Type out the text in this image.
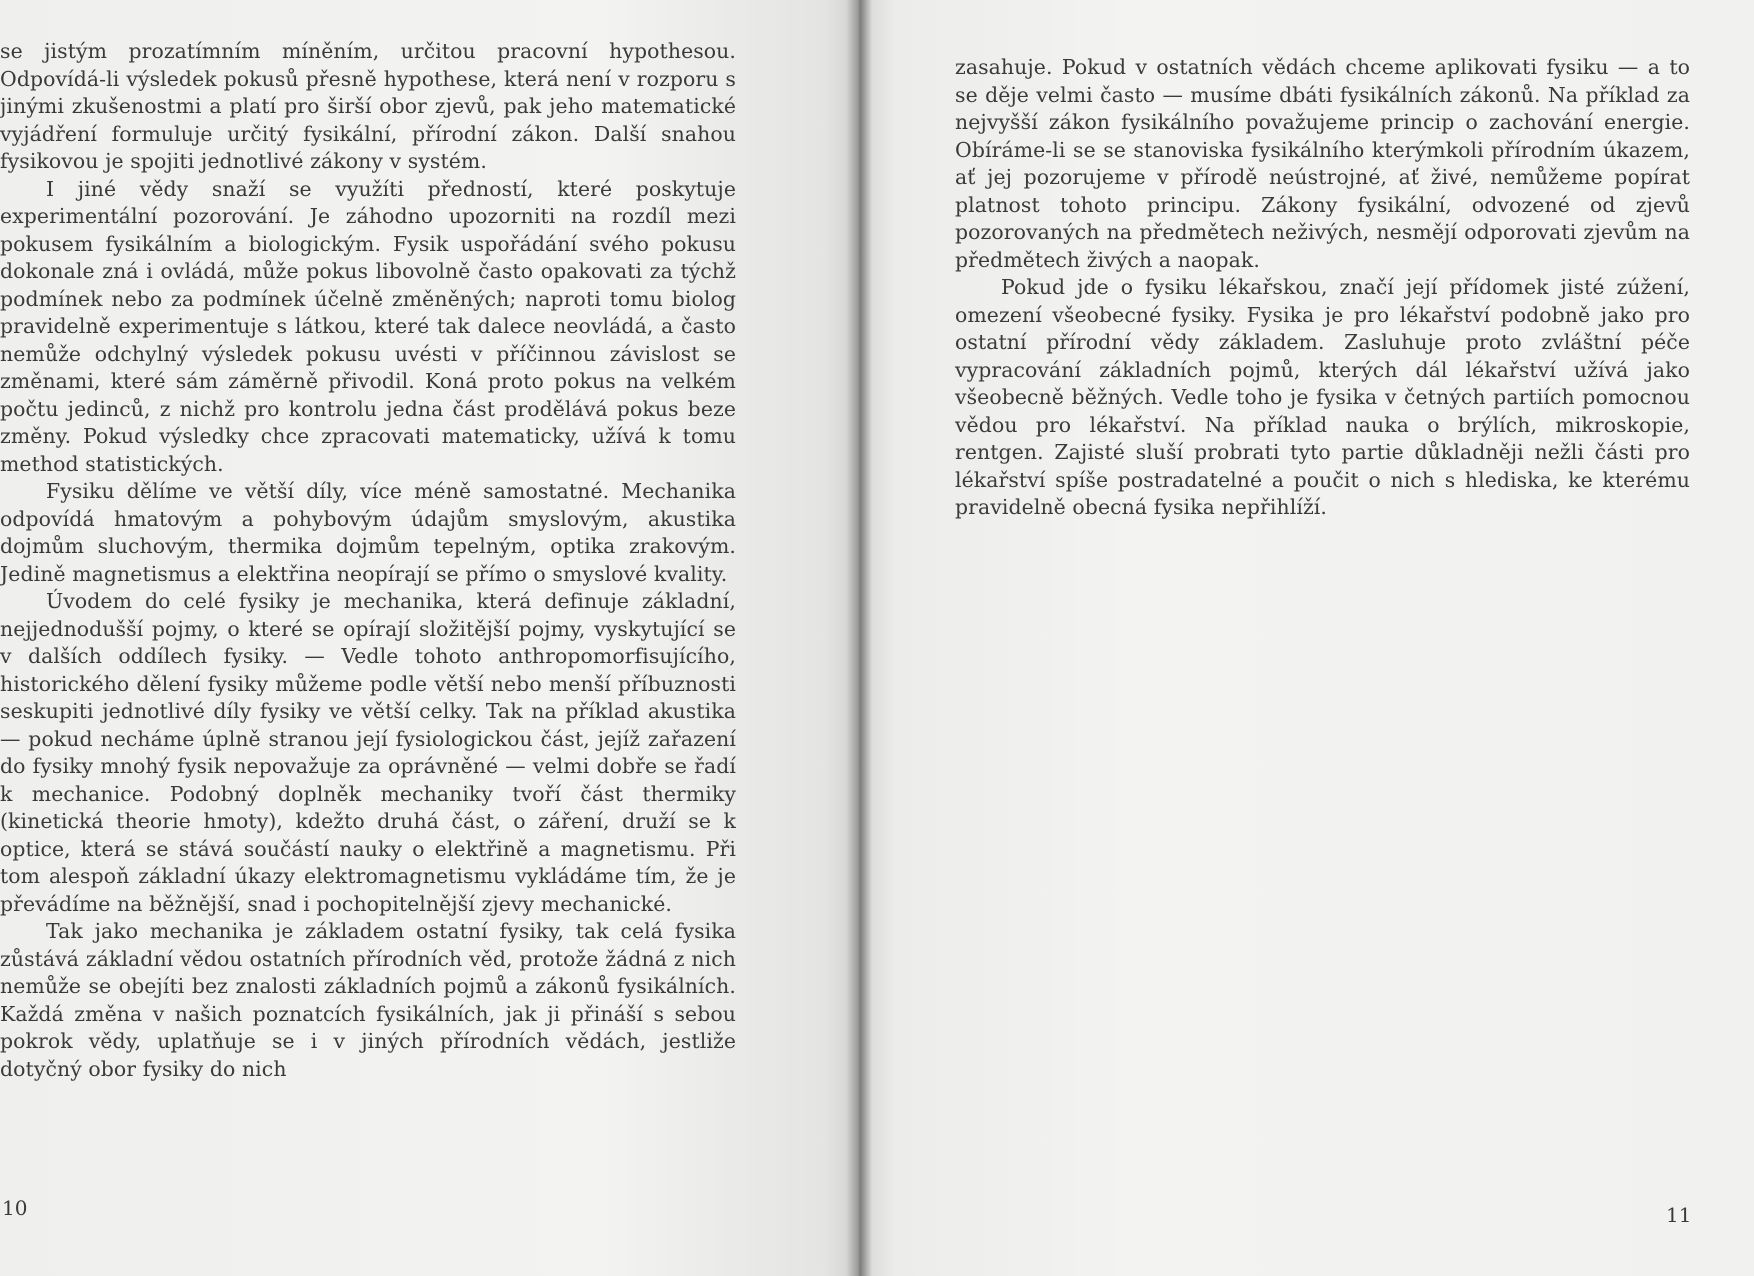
se jistým prozatímním míněním, určitou pracovní hypothesou. Odpovídá-li výsledek pokusů přesně hypothese, která není v rozporu s jinými zkušenostmi a platí pro širší obor zjevů, pak jeho matematické vyjádření formuluje určitý fysikální, přírodní zákon. Další snahou fysikovou je spojiti jednotlivé zákony v systém.

I jiné vědy snaží se využíti předností, které poskytuje experimentální pozorování. Je záhodno upozorniti na rozdíl mezi pokusem fysikálním a biologickým. Fysik uspořádání svého pokusu dokonale zná i ovládá, může pokus libovolně často opakovati za týchž podmínek nebo za podmínek účelně změněných; naproti tomu biolog pravidelně experimentuje s látkou, které tak dalece neovládá, a často nemůže odchylný výsledek pokusu uvésti v příčinnou závislost se změnami, které sám záměrně přivodil. Koná proto pokus na velkém počtu jedinců, z nichž pro kontrolu jedna část prodělává pokus beze změny. Pokud výsledky chce zpracovati matematicky, užívá k tomu method statistických.

Fysiku dělíme ve větší díly, více méně samostatné. Mechanika odpovídá hmatovým a pohybovým údajům smyslovým, akustika dojmům sluchovým, thermika dojmům tepelným, optika zrakovým. Jedině magnetismus a elektřina neopírají se přímo o smyslové kvality.

Úvodem do celé fysiky je mechanika, která definuje základní, nejjednodušší pojmy, o které se opírají složitější pojmy, vyskytující se v dalších oddílech fysiky. — Vedle tohoto anthropomorfisujícího, historického dělení fysiky můžeme podle větší nebo menší příbuznosti seskupiti jednotlivé díly fysiky ve větší celky. Tak na příklad akustika — pokud necháme úplně stranou její fysiologickou část, jejíž zařazení do fysiky mnohý fysik nepovažuje za oprávněné — velmi dobře se řadí k mechanice. Podobný doplněk mechaniky tvoří část thermiky (kinetická theorie hmoty), kdežto druhá část, o záření, druží se k optice, která se stává součástí nauky o elektřině a magnetismu. Při tom alespoň základní úkazy elektromagnetismu vykládáme tím, že je převádíme na běžnější, snad i pochopitelnější zjevy mechanické.

Tak jako mechanika je základem ostatní fysiky, tak celá fysika zůstává základní vědou ostatních přírodních věd, protože žádná z nich nemůže se obejíti bez znalosti základních pojmů a zákonů fysikálních. Každá změna v našich poznatcích fysikálních, jak ji přináší s sebou pokrok vědy, uplatňuje se i v jiných přírodních vědách, jestliže dotyčný obor fysiky do nich

10

zasahuje. Pokud v ostatních vědách chceme aplikovati fysiku — a to se děje velmi často — musíme dbáti fysikálních zákonů. Na příklad za nejvyšší zákon fysikálního považujeme princip o zachování energie. Obíráme-li se se stanoviska fysikálního kterýmkoli přírodním úkazem, ať jej pozorujeme v přírodě neústrojné, ať živé, nemůžeme popírat platnost tohoto principu. Zákony fysikální, odvozené od zjevů pozorovaných na předmětech neživých, nesmějí odporovati zjevům na předmětech živých a naopak.

Pokud jde o fysiku lékařskou, značí její přídomek jisté zúžení, omezení všeobecné fysiky. Fysika je pro lékařství podobně jako pro ostatní přírodní vědy základem. Zasluhuje proto zvláštní péče vypracování základních pojmů, kterých dál lékařství užívá jako všeobecně běžných. Vedle toho je fysika v četných partiích pomocnou vědou pro lékařství. Na příklad nauka o brýlích, mikroskopie, rentgen. Zajisté sluší probrati tyto partie důkladněji nežli části pro lékařství spíše postradatelné a poučit o nich s hlediska, ke kterému pravidelně obecná fysika nepřihlíží.

11
